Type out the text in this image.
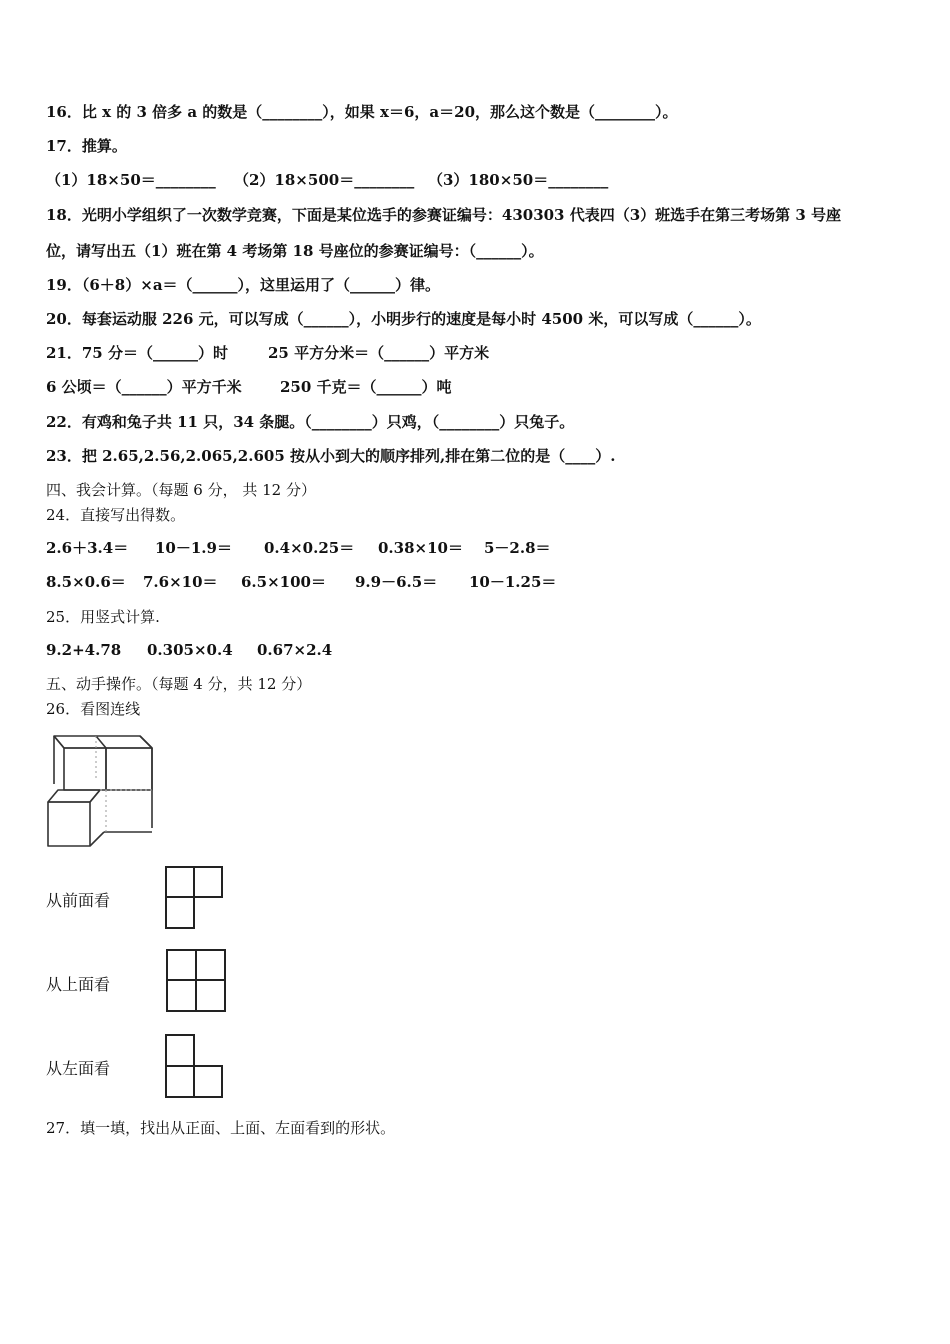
16．比 x 的 3 倍多 a 的数是（________），如果 x＝6，a＝20，那么这个数是（________）。
17．推算。
（1）18×50＝________ （2）18×500＝________ （3）180×50＝________
18．光明小学组织了一次数学竞赛，下面是某位选手的参赛证编号：430303 代表四（3）班选手在第三考场第 3 号座
位，请写出五（1）班在第 4 考场第 18 号座位的参赛证编号：（______）。
19．（6＋8）×a＝（______），这里运用了（______）律。
20．每套运动服 226 元，可以写成（______），小明步行的速度是每小时 4500 米，可以写成（______）。
21．75 分＝（______）时	25 平方分米＝（______）平方米
6 公顷＝（______）平方千米	250 千克＝（______）吨
22．有鸡和兔子共 11 只，34 条腿。（________）只鸡，（________）只兔子。
23．把 2.65,2.56,2.065,2.605 按从小到大的顺序排列,排在第二位的是（____）.
四、我会计算。（每题 6 分， 共 12 分）
24．直接写出得数。
2.6＋3.4＝ 10－1.9＝ 0.4×0.25＝ 0.38×10＝ 5－2.8＝
8.5×0.6＝ 7.6×10＝ 6.5×100＝ 9.9－6.5＝ 10－1.25＝
25．用竖式计算.
9.2+4.78 0.305×0.4 0.67×2.4
五、动手操作。（每题 4 分，共 12 分）
26．看图连线
从前面看
从上面看
从左面看
27．填一填，找出从正面、上面、左面看到的形状。
